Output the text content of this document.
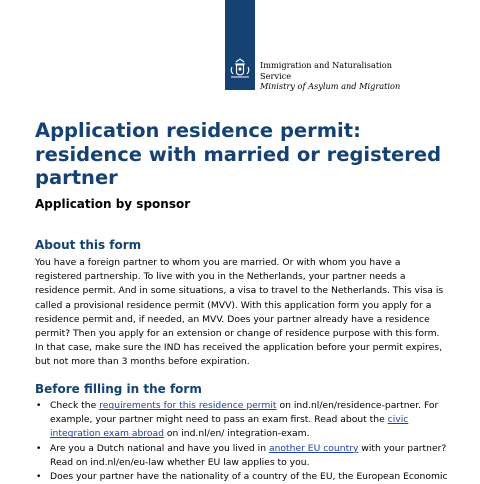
Immigration and Naturalisation
Service
Ministry of Asylum and Migration
Application residence permit: residence with married or registered partner

Application by sponsor

About this form

You have a foreign partner to whom you are married. Or with whom you have a registered partnership. To live with you in the Netherlands, your partner needs a residence permit. And in some situations, a visa to travel to the Netherlands. This visa is called a provisional residence permit (MVV). With this application form you apply for a residence permit and, if needed, an MVV. Does your partner already have a residence permit? Then you apply for an extension or change of residence purpose with this form. In that case, make sure the IND has received the application before your permit expires, but not more than 3 months before expiration.

Before filling in the form
• Check the requirements for this residence permit on ind.nl/en/residence-partner. For example, your partner might need to pass an exam first. Read about the civic integration exam abroad on ind.nl/en/ integration-exam.
• Are you a Dutch national and have you lived in another EU country with your partner? Read on ind.nl/en/eu-law whether EU law applies to you.
• Does your partner have the nationality of a country of the EU, the European Economic
